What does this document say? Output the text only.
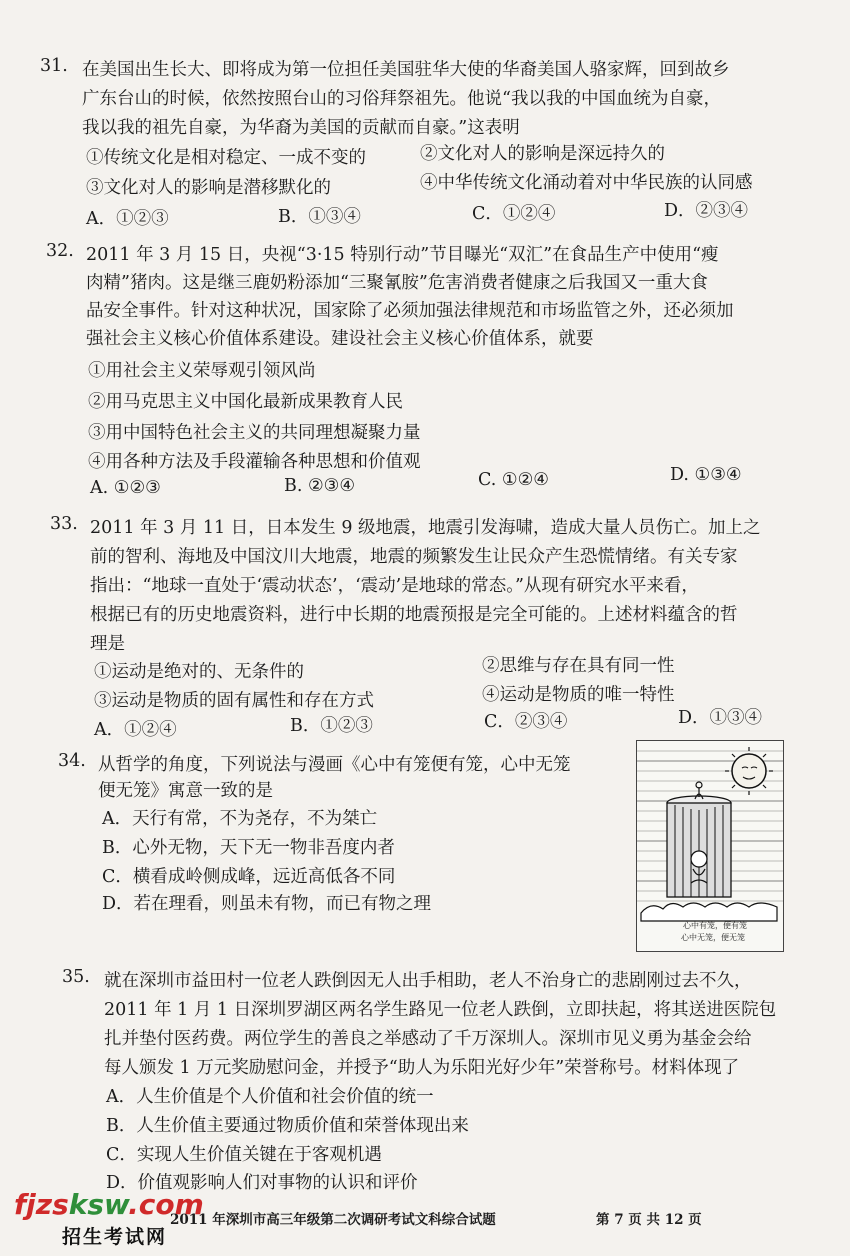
31. 在美国出生长大、即将成为第一位担任美国驻华大使的华裔美国人骆家辉，回到故乡
广东台山的时候，依然按照台山的习俗拜祭祖先。他说“我以我的中国血统为自豪，
我以我的祖先自豪，为华裔为美国的贡献而自豪。”这表明
①传统文化是相对稳定、一成不变的	②文化对人的影响是深远持久的
③文化对人的影响是潜移默化的	④中华传统文化涌动着对中华民族的认同感
A．①②③	B．①③④	C．①②④	D．②③④
32. 2011 年 3 月 15 日，央视“3·15 特别行动”节目曝光“双汇”在食品生产中使用“瘦
肉精”猪肉。这是继三鹿奶粉添加“三聚氰胺”危害消费者健康之后我国又一重大食
品安全事件。针对这种状况，国家除了必须加强法律规范和市场监管之外，还必须加
强社会主义核心价值体系建设。建设社会主义核心价值体系，就要
①用社会主义荣辱观引领风尚
②用马克思主义中国化最新成果教育人民
③用中国特色社会主义的共同理想凝聚力量
④用各种方法及手段灌输各种思想和价值观
A. ①②③	B. ②③④	C. ①②④	D. ①③④
33. 2011 年 3 月 11 日，日本发生 9 级地震，地震引发海啸，造成大量人员伤亡。加上之
前的智利、海地及中国汶川大地震，地震的频繁发生让民众产生恐慌情绪。有关专家
指出：“地球一直处于‘震动状态’，‘震动’是地球的常态。”从现有研究水平来看，
根据已有的历史地震资料，进行中长期的地震预报是完全可能的。上述材料蕴含的哲
理是
①运动是绝对的、无条件的	②思维与存在具有同一性
③运动是物质的固有属性和存在方式	④运动是物质的唯一特性
A．①②④	B．①②③	C．②③④	D．①③④
34. 从哲学的角度，下列说法与漫画《心中有笼便有笼，心中无笼
便无笼》寓意一致的是
A．天行有常，不为尧存，不为桀亡
B．心外无物，天下无一物非吾度内者
C．横看成岭侧成峰，远近高低各不同
D．若在理看，则虽未有物，而已有物之理
心中有笼，便有笼
心中无笼，便无笼
35. 就在深圳市益田村一位老人跌倒因无人出手相助，老人不治身亡的悲剧刚过去不久，
2011 年 1 月 1 日深圳罗湖区两名学生路见一位老人跌倒，立即扶起，将其送进医院包
扎并垫付医药费。两位学生的善良之举感动了千万深圳人。深圳市见义勇为基金会给
每人颁发 1 万元奖励慰问金，并授予“助人为乐阳光好少年”荣誉称号。材料体现了
A．人生价值是个人价值和社会价值的统一
B．人生价值主要通过物质价值和荣誉体现出来
C．实现人生价值关键在于客观机遇
D．价值观影响人们对事物的认识和评价
fjzsksw.com
招生考试网
2011 年深圳市高三年级第二次调研考试文科综合试题	第 7 页 共 12 页
